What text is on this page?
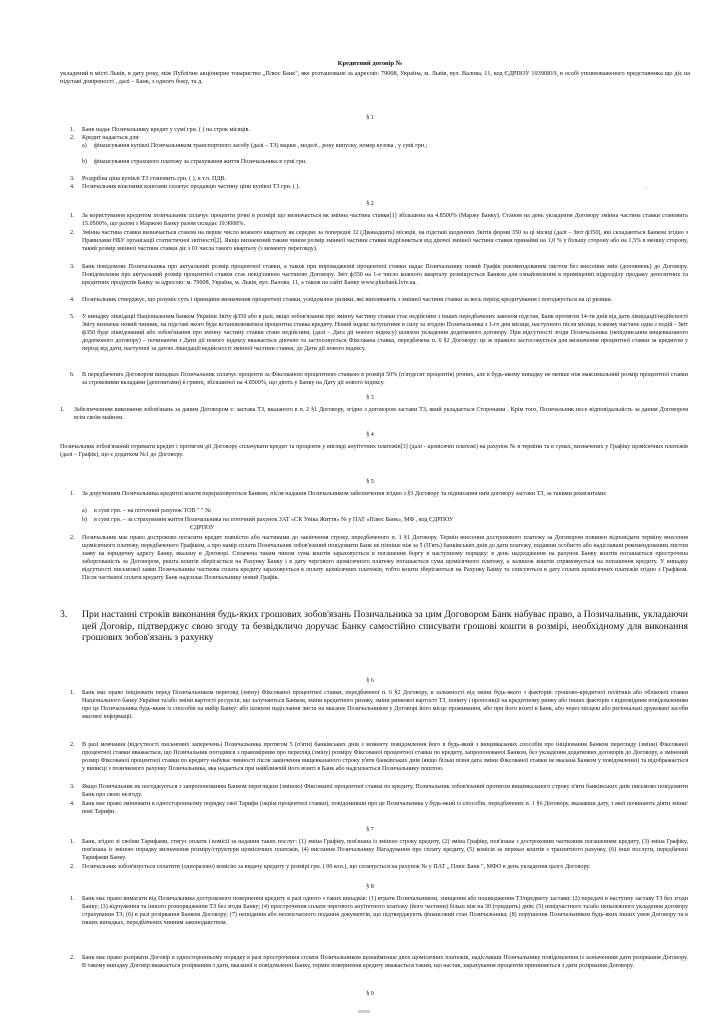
Кредитний договір №

укладений в місті Львів, в дату року, між Публічне акціонерне товариство „Плюс Банк", яке розташоване за адресою: 79008, Україна, м. Львів, вул. Валова, 11, код ЄДРПОУ 19390819, в особі уповноваженого представника що діє на підставі довіреності , далі – Банк, з одного боку, та д.

§ 1

1. Банк надає Позичальнику кредит у сумі грн. ( ) на строк місяців.

2. Кредит надається для:

а) фінансування купівлі Позичальником транспортного засобу (далі – ТЗ) марки , моделі , року випуску, номер кузова , у сумі грн.;

b) фінансування страхового платежу за страхування життя Позичальника в сумі грн.

3. Роздрібна ціна купівлі ТЗ становить грн. ( ), в т.ч. ПДВ.

4. Позичальник власними коштами сплачує продавцю частину ціни купівлі ТЗ грн. ( ).	.

§ 2

1. За користування кредитом позичальник сплачує проценти річні в розмірі що визначається як змінна частина ставки[1] збільшена на 4.8500% (Маржу Банку). Станом на день укладення Договору змінна частина ставки становить 15.0500%, що разом з Маржою Банку разом складає 19.9000%.

2. Змінна частина ставки визначається станом на перше число кожного кварталу як середнє за попередні 12 (Дванадцять) місяців, на підставі щоденних Звітів форми 350 за ці місяці (далі – Звіт ф350), які складаються Банком згідно з Правилами НБУ організації статистичної звітності[2]. Якщо визначений таким чином розмір змінної частини ставки відрізняється від діючої змінної частини ставки принаймі на 1,0 % у більшу сторону або на 1,5% в меншу сторону, такий розмір змінної частини ставки діє з 01 числа такого кварталу (з моменту перегляду).

3. Банк повідомляє Позичальника про актуальний розмір процентної ставки, а також при впровадженні процентної ставки надає Позичальнику новий Графік рекомендованим листом без внесення змін (доповнень) до Договору. Повідомлення про актуальний розмір процентної ставки стає невід'ємною частиною Договору. Звіт ф350 на 1-е число кожного кварталу розміщується Банком для ознайомлення в приміщенні підрозділу продажу депозитних та кредитних продуктів Банку за адресою: м. 79008, Україна, м. Львів, вул. Валова, 11, а також на сайті Банку www.plusbank.lviv.ua.

4. Позичальник стверджує, що розуміє суть і принципи визначення процентної ставки, усвідомлює ризики, які випливають з змінної частини ставки за весь період кредитування і погоджується на ці ризики.

5. У випадку ліквідації Національним банком України Звіту ф350 або в разі, якщо зобов'язання про змінну частину ставки стає недійсним з інших передбачених законом підстав, Банк протягом 14-ти днів від дати ліквідації/недійсності Звіту визначає новий чинник, на підставі якого буде встановлюватися процентна ставка кредиту. Новий індекс вступатиме в силу за згодою Позичальника з 1-го дня місяця, наступного після місяця, в якому настане одна з подій - Звіт ф350 буде ліквідований або зобов'язання про змінну частину ставки стане недійсним, (далі – Дата дії нового індексу) шляхом укладення додаткового договору. При відсутності згоди Позичальника (непідписання вищевказаного додаткового договору) – починаючи з Дати дії нового індексу вважається діючою та застосовується Фіксована ставка, передбачена п. 6 §2 Договору; це ж правило застосовується для визначення процентної ставки за кредитом у період від дати, наступної за датою ліквідації/недійсності змінної частини ставки, до Дати дії нового індексу.

6. В передбачених Договором випадках Позичальник сплачує проценти за Фіксованою процентною ставкою в розмірі 50% (п'ятдесят процентів) річних, але в будь-якому випадку не менше ніж максимальний розмір процентної ставки за строковими вкладами (депозитами) в гривні, збільшеної на 4.8500%, що діють у Банку на Дату дії нового індексу.

§ 3

1. Забезпеченням виконання зобов'язань за даним Договором є: застава ТЗ, вказаного в п. 2 §1 Договору, згідно з договором застави ТЗ, який укладається Сторонами . Крім того, Позичальник несе відповідальність за даним Договором всім своїм майном.

§ 4

Позичальник зобов'язаний отримати кредит і протягом дії Договору сплачувати кредит та проценти у вигляді ануїтетних платежів[3] (далі - щомісячні платежі) на рахунок № в терміни та в сумах, визначених у Графіку щомісячних платежів (далі – Графік), що є додатком №1 до Договору.

§ 5

1. За дорученням Позичальника кредитні кошти перераховуються Банком, після надання Позичальником забезпечення згідно з §3 Договору та підписання ним договору застави ТЗ, за такими реквізитами:

а) в сумі грн. – на поточний рахунок ТОВ " " №

ЄДРПОУ

b) в сумі грн. – за страхування життя Позичальника на поточний рахунок ЗАТ «СК Уніка Життя» № у ПАТ «Плюс Банк», МФ , код ЄДРПОУ

2. Позичальник має право достроково погасити кредит повністю або частинами до закінчення строку, передбаченого п. 1 §1 Договору. Термін внесення дострокового платежу за Договором повинен відповідати терміну внесення щомісячного платежу, передбаченого Графіком, а про намір сплати Позичальник зобов'язаний повідомити Банк не пізніше ніж за 5 (П'ять) банківських днів до дати платежу, подавши особисто або надіславши рекомендованим листом заяву на юридичну адресу Банку, вказану в Договорі. Сплачена таким чином сума коштів зараховується в погашення боргу в наступному порядку: в день надходження на рахунок Банку коштів погашається прострочена заборгованість за Договором, решта коштів зберігається на Рахунку Банку і в дату чергового щомісячного платежу погашається сума щомісячного платежу, а залишок коштів спрямовується на погашення кредиту. У випадку відсутності письмової заяви Позичальника часткова сплата кредиту зараховується в оплату щомісячних платежів, тобто кошти зберігаються на Рахунку Банку та списуються в дату сплати щомісячних платежів згідно з Графіком. Після часткової сплати кредиту Банк надсилає Позичальнику новий Графік.

3. При настанні строків виконання будь-яких грошових зобов'язань Позичальника за цим Договором Банк набуває право, а Позичальник, укладаючи цей Договір, підтверджує свою згоду та безвідкличо доручає Банку самостійно списувати грошові кошти в розмірі, необхідному для виконання грошових зобов'язань з рахунку

§ 6

1. Банк має право ініціювати перед Позичальником перегляд (зміну) Фіксованої процентної ставки, передбаченої п. 6 §2 Договору, в залежності від зміни будь-якого з факторів: грошово-кредитної політики або облікової ставки Національного банку України та/або зміни вартості ресурсів, що залучаються Банком, зміни кредитного ризику, зміни ринкової вартості ТЗ, попиту і пропозиції на кредитному ринку або інших факторів з відповідним повідомленням про це Позичальника будь-яким із способів на вибір Банку: або шляхом надіслання листа на вказане Позичальником у Договорі його місце проживання, або при його візиті в Банк, або через місцеві або регіональні друковані засоби масової інформації.

2. В разі мовчання (відсутності письмових заперечень) Позичальника протягом 5 (п'яти) банківських днів з моменту повідомлення його в будь-який з вищевказаних способів про ініціювання Банком перегляду (зміни) Фіксованої процентної ставки вважається, що Позичальник погодився з правомірним про перегляд (зміну) розміру Фіксованої процентної ставки по кредиту, запропонованої Банком, без укладення додаткових договорів до Договору, а змінений розмір Фіксованої процентної ставки по кредиту набуває чинності після закінчення вищевказаного строку п'яти банківських днів (якщо більш пізня дата зміни Фіксованої ставки не вказана Банком у повідомленні) та відображається у виписці з позичкового рахунку Позичальника, яка надається при найближчій його візиті в Банк або надсилається Позичальнику поштою.

3. Якщо Позичальник не погоджується з запропонованим Банком переглядом (зміною) Фіксованої процентної ставки по кредиту, Позичальник зобов'язаний протягом вищевказаного строку п'яти банківських днів письмово повідомити Банк про свою незгоду.

4. Банк має право змінювати в односторонньому порядку свої Тарифи (окрім процентної ставки), повідомивши про це Позичальника у будь-який із способів, передбачених п. 1 §6 Договору, вказавши дату, з якої починають діяти зміни/нові Тарифи.

§ 7

1. Банк, згідно зі своїми Тарифами, стягує оплати і комісії за надання таких послуг: (1) зміна Графіку, пов'язана із зміною строку кредиту, (2) зміна Графіку, пов'язана з достроковим частковим погашенням кредиту, (3) зміна Графіку, пов'язана із зміною порядку визначення розміру/структури щомісячних платежів, (4) вислання Позичальнику Нагадування про сплату кредиту, (5) комісія за переказ коштів з транзитного рахунку, (6) інші послуги, передбачені Тарифами Банку.

2. Позичальник зобов'язується сплатити (одноразово) комісію за видачу кредиту у розмірі грн. ( 00 коп.), що сплачується на рахунок № у ПАТ „ Плюс Банк ", МФО в день укладення цього Договору.

§ 8

1. Банк має право вимагати від Позичальника дострокового повернення кредиту в разі одного з таких випадків: (1) втрати Позичальником, знищення або пошкодження ТЗ/предмету застави; (2) передачі в наступну заставу ТЗ без згоди Банку; (3) відчуження та іншого розпорядження ТЗ без згоди Банку; (4) прострочення сплати чергового ануїтетного платежу (його частини) більш ніж на 30 (тридцять) днів; (5) невідчастного та/або неналежного укладення договору страхування ТЗ; (6) в разі розірвання Банком Договору; (7) неподання або несвоєчасного подання документів, що підтверджують фінансовий стан Позичальника; (8) порушення Позичальником будь-яких інших умов Договору та в інших випадках, передбачених чинним законодавством.

2. Банк має право розірвати Договір в односторонньому порядку в разі прострочення сплати Позичальником щонайменше двох щомісячних платежів, надіславши Позичальнику повідомлення із зазначенням дати розірвання Договору. В такому випадку Договір вважається розірваним з дати, вказаної в повідомленні Банку, термін повернення кредиту вважається таким, що настав, нарахування процентів припиняється з дати розірвання Договору.

§ 9
